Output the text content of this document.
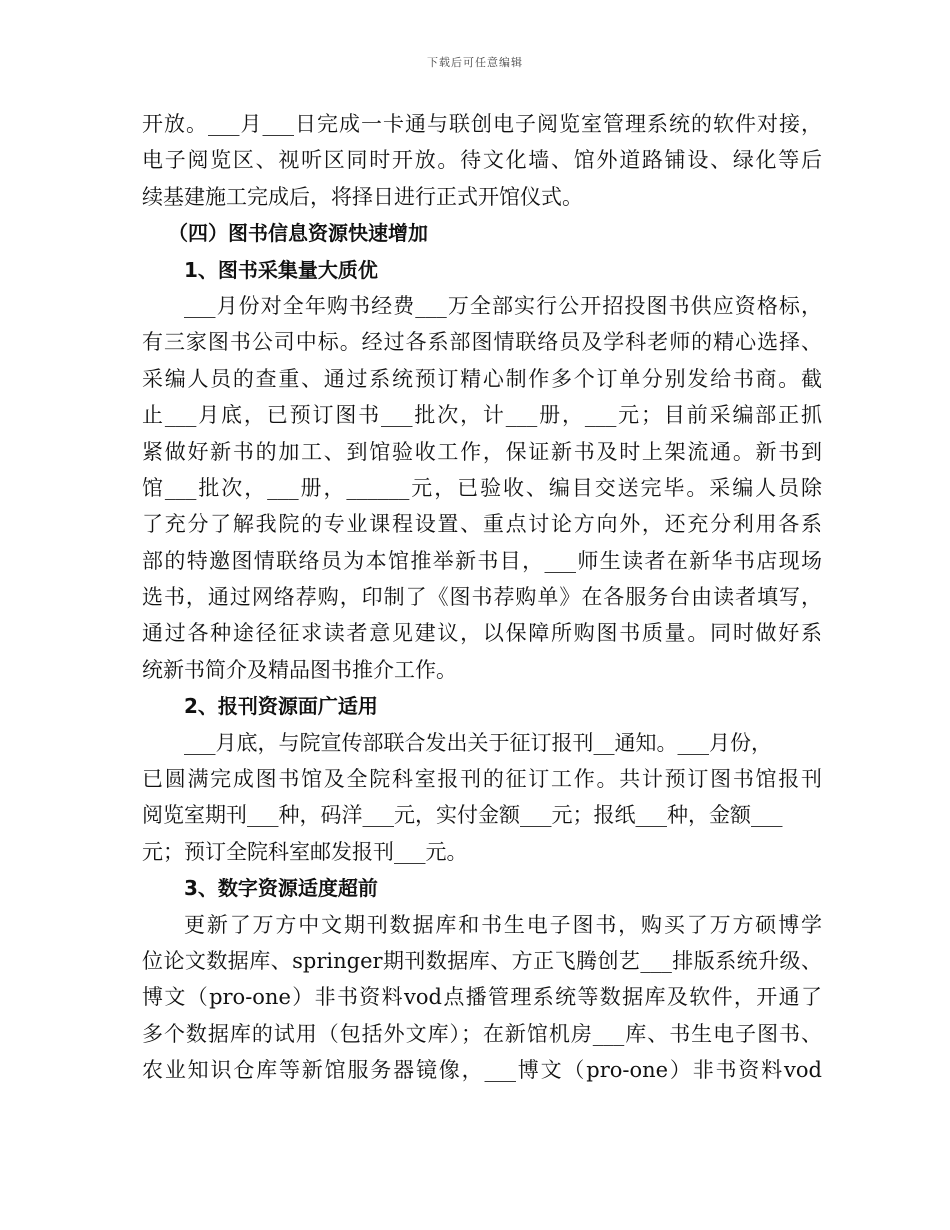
下载后可任意编辑
开放。___月___日完成一卡通与联创电子阅览室管理系统的软件对接，
电子阅览区、视听区同时开放。待文化墙、馆外道路铺设、绿化等后
续基建施工完成后，将择日进行正式开馆仪式。
（四）图书信息资源快速增加
1、图书采集量大质优
___月份对全年购书经费___万全部实行公开招投图书供应资格标，
有三家图书公司中标。经过各系部图情联络员及学科老师的精心选择、
采编人员的查重、通过系统预订精心制作多个订单分别发给书商。截
止___月底，已预订图书___批次，计___册，___元；目前采编部正抓
紧做好新书的加工、到馆验收工作，保证新书及时上架流通。新书到
馆___批次，___册，______元，已验收、编目交送完毕。采编人员除
了充分了解我院的专业课程设置、重点讨论方向外，还充分利用各系
部的特邀图情联络员为本馆推举新书目，___师生读者在新华书店现场
选书，通过网络荐购，印制了《图书荐购单》在各服务台由读者填写，
通过各种途径征求读者意见建议，以保障所购图书质量。同时做好系
统新书简介及精品图书推介工作。
2、报刊资源面广适用
___月底，与院宣传部联合发出关于征订报刊__通知。___月份，
已圆满完成图书馆及全院科室报刊的征订工作。共计预订图书馆报刊
阅览室期刊___种，码洋___元，实付金额___元；报纸___种，金额___
元；预订全院科室邮发报刊___元。
3、数字资源适度超前
更新了万方中文期刊数据库和书生电子图书，购买了万方硕博学
位论文数据库、springer期刊数据库、方正飞腾创艺___排版系统升级、
博文（pro-one）非书资料vod点播管理系统等数据库及软件，开通了
多个数据库的试用（包括外文库）；在新馆机房___库、书生电子图书、
农业知识仓库等新馆服务器镜像，___博文（pro-one）非书资料vod
